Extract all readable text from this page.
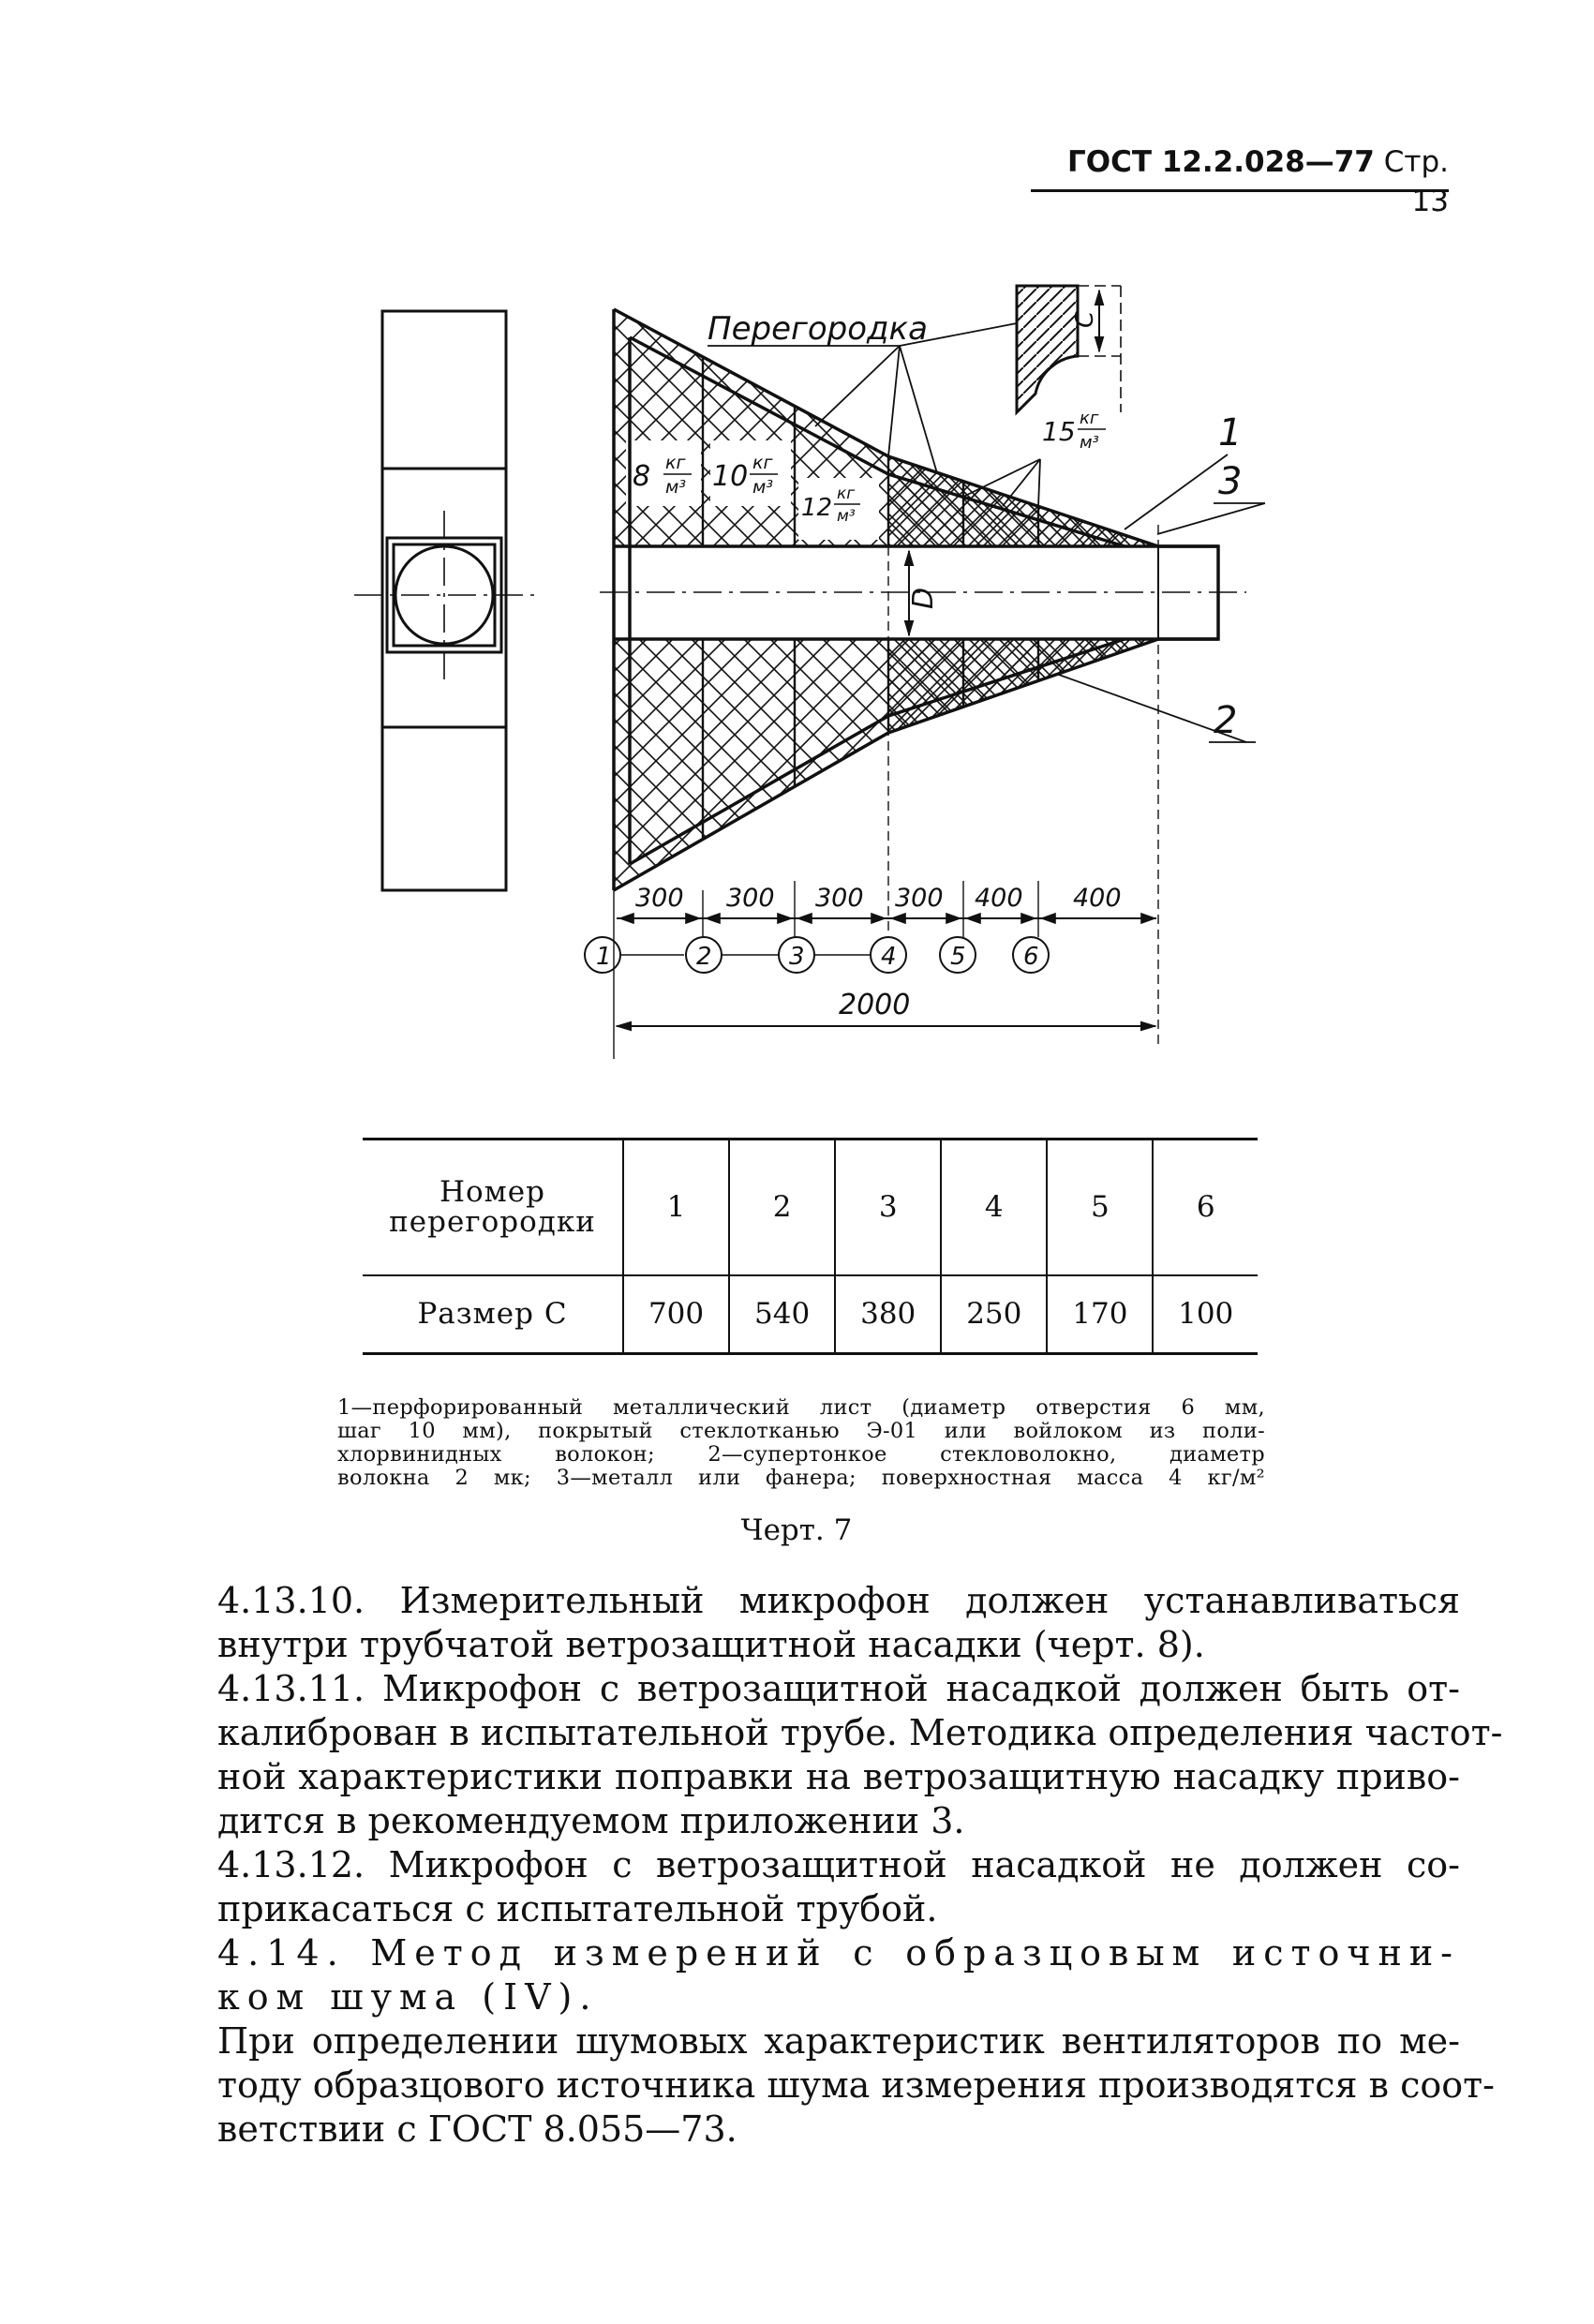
ГОСТ 12.2.028—77 Стр. 13
D
С
Перегородка
8 кг
м³ 10 кг
м³
12 кг
м³
15 кг
м³	1
3
2
300 300 300 300 400 400
1	2	3	4 5 6
2000
Номер перегородки	1	2	3	4	5	6
Размер C	700	540	380	250	170	100
1—перфорированный металлический лист (диаметр отверстия 6 мм,
шаг 10 мм), покрытый стеклотканью Э-01 или войлоком из поли-
хлорвинидных волокон; 2—супертонкое стекловолокно, диаметр
волокна 2 мк; 3—металл или фанера; поверхностная масса 4 кг/м²
Черт. 7
4.13.10. Измерительный микрофон должен устанавливаться
внутри трубчатой ветрозащитной насадки (черт. 8).
4.13.11. Микрофон с ветрозащитной насадкой должен быть от-
калиброван в испытательной трубе. Методика определения частот-
ной характеристики поправки на ветрозащитную насадку приво-
дится в рекомендуемом приложении 3.
4.13.12. Микрофон с ветрозащитной насадкой не должен со-
прикасаться с испытательной трубой.
4.14. Метод измерений с образцовым источни-
ком шума (IV).
При определении шумовых характеристик вентиляторов по ме-
тоду образцового источника шума измерения производятся в соот-
ветствии с ГОСТ 8.055—73.
